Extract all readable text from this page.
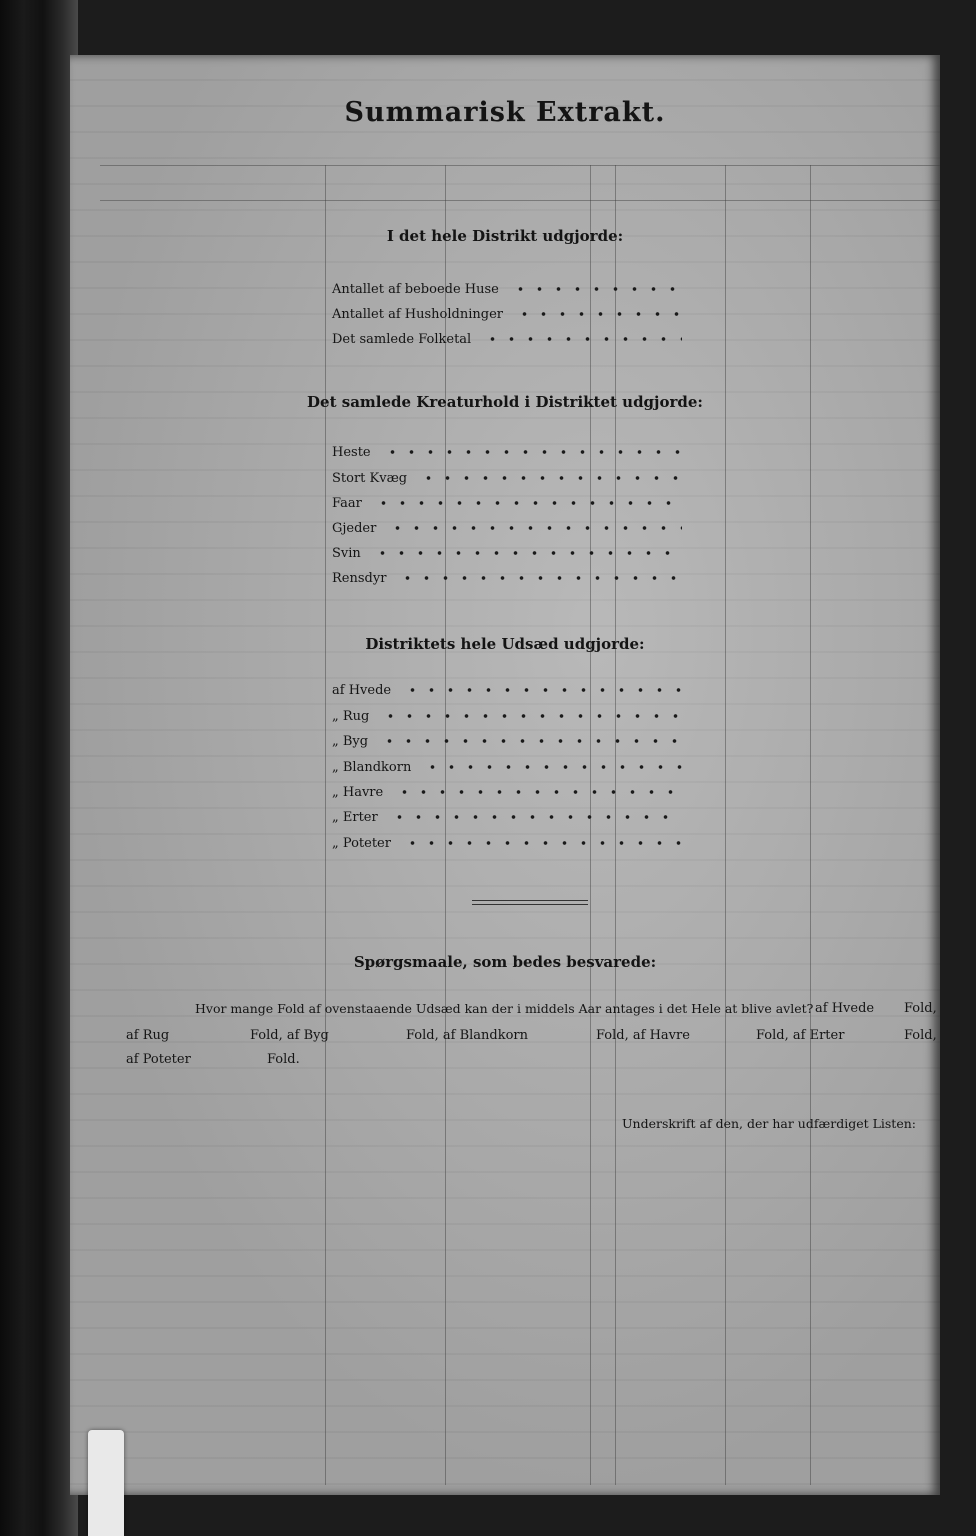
Summarisk Extrakt.
I det hele Distrikt udgjorde:
Antallet af beboede Huse
Antallet af Husholdninger
Det samlede Folketal
Det samlede Kreaturhold i Distriktet udgjorde:
Heste
Stort Kvæg
Faar
Gjeder
Svin
Rensdyr
Distriktets hele Udsæd udgjorde:
af Hvede
„ Rug
„ Byg
„ Blandkorn
„ Havre
„ Erter
„ Poteter
Spørgsmaale, som bedes besvarede:
Hvor mange Fold af ovenstaaende Udsæd kan der i middels Aar antages i det Hele at blive avlet? af Hvede Fold,
af Rug	Fold, af Byg	Fold, af Blandkorn	Fold, af Havre	Fold, af Erter	Fold,
af Poteter	Fold.
Underskrift af den, der har udfærdiget Listen:
